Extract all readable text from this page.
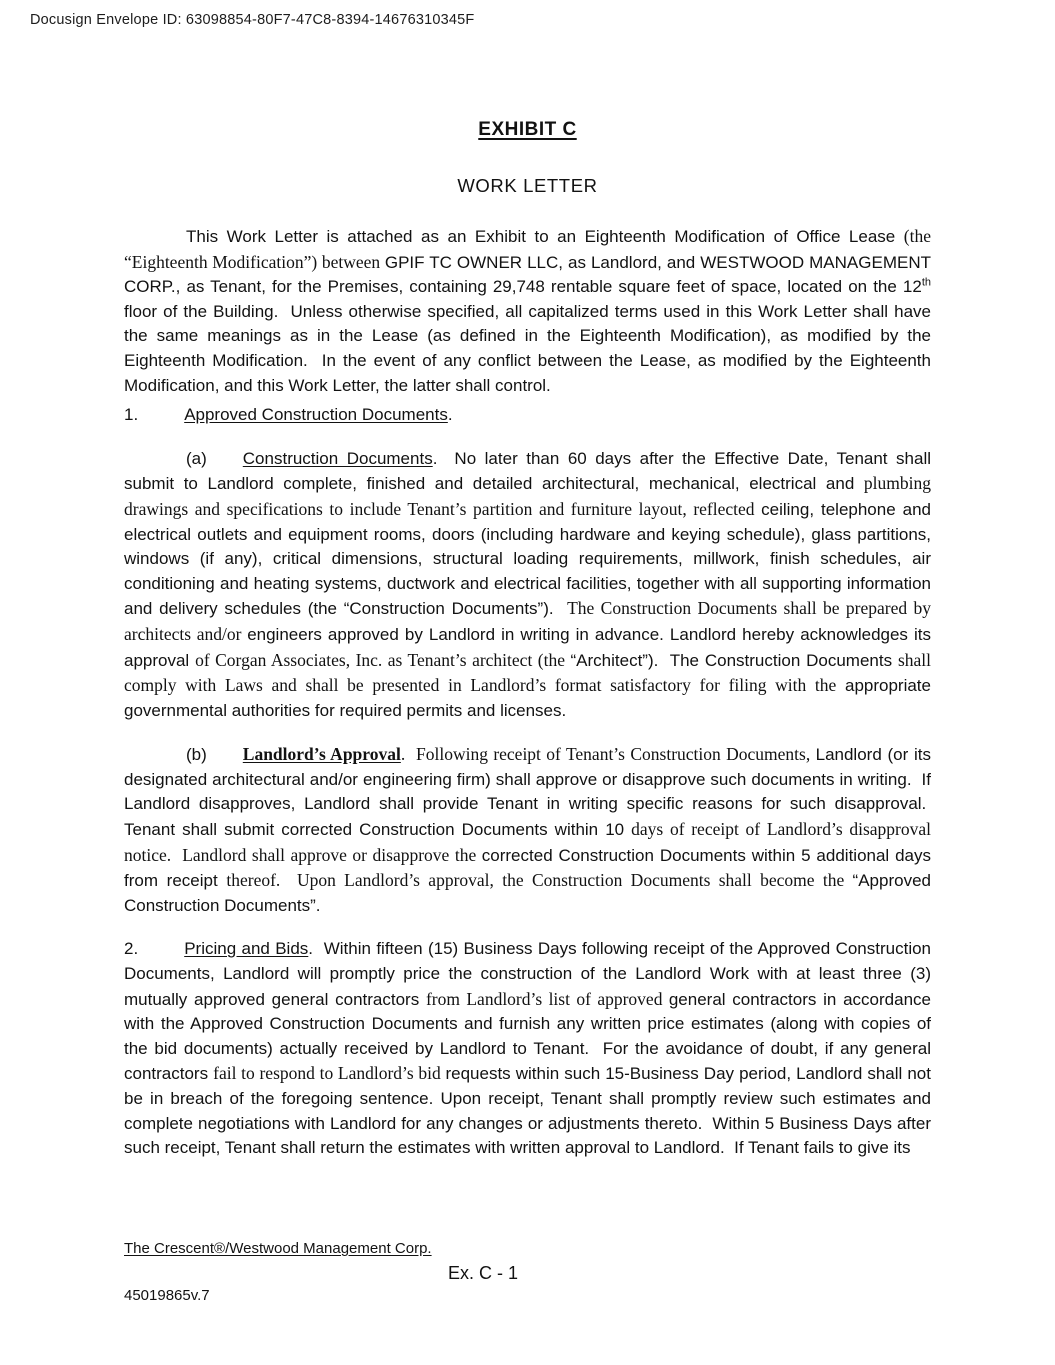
Docusign Envelope ID: 63098854-80F7-47C8-8394-14676310345F
EXHIBIT C
WORK LETTER

This Work Letter is attached as an Exhibit to an Eighteenth Modification of Office Lease (the “Eighteenth Modification”) between GPIF TC OWNER LLC, as Landlord, and WESTWOOD MANAGEMENT CORP., as Tenant, for the Premises, containing 29,748 rentable square feet of space, located on the 12th floor of the Building.  Unless otherwise specified, all capitalized terms used in this Work Letter shall have the same meanings as in the Lease (as defined in the Eighteenth Modification), as modified by the Eighteenth Modification.  In the event of any conflict between the Lease, as modified by the Eighteenth Modification, and this Work Letter, the latter shall control.

1.	Approved Construction Documents.

(a) Construction Documents.  No later than 60 days after the Effective Date, Tenant shall submit to Landlord complete, finished and detailed architectural, mechanical, electrical and plumbing drawings and specifications to include Tenant’s partition and furniture layout, reflected ceiling, telephone and electrical outlets and equipment rooms, doors (including hardware and keying schedule), glass partitions, windows (if any), critical dimensions, structural loading requirements, millwork, finish schedules, air conditioning and heating systems, ductwork and electrical facilities, together with all supporting information and delivery schedules (the “Construction Documents”).  The Construction Documents shall be prepared by architects and/or engineers approved by Landlord in writing in advance. Landlord hereby acknowledges its approval of Corgan Associates, Inc. as Tenant’s architect (the “Architect”).  The Construction Documents shall comply with Laws and shall be presented in Landlord’s format satisfactory for filing with the appropriate governmental authorities for required permits and licenses.

(b) Landlord’s Approval.  Following receipt of Tenant’s Construction Documents, Landlord (or its designated architectural and/or engineering firm) shall approve or disapprove such documents in writing.  If Landlord disapproves, Landlord shall provide Tenant in writing specific reasons for such disapproval.  Tenant shall submit corrected Construction Documents within 10 days of receipt of Landlord’s disapproval notice.  Landlord shall approve or disapprove the corrected Construction Documents within 5 additional days from receipt thereof.  Upon Landlord’s approval, the Construction Documents shall become the “Approved Construction Documents”.

2.	Pricing and Bids.  Within fifteen (15) Business Days following receipt of the Approved Construction Documents, Landlord will promptly price the construction of the Landlord Work with at least three (3) mutually approved general contractors from Landlord’s list of approved general contractors in accordance with the Approved Construction Documents and furnish any written price estimates (along with copies of the bid documents) actually received by Landlord to Tenant.  For the avoidance of doubt, if any general contractors fail to respond to Landlord’s bid requests within such 15-Business Day period, Landlord shall not be in breach of the foregoing sentence. Upon receipt, Tenant shall promptly review such estimates and complete negotiations with Landlord for any changes or adjustments thereto.  Within 5 Business Days after such receipt, Tenant shall return the estimates with written approval to Landlord.  If Tenant fails to give its

The Crescent®/Westwood Management Corp.
Ex. C - 1
45019865v.7
